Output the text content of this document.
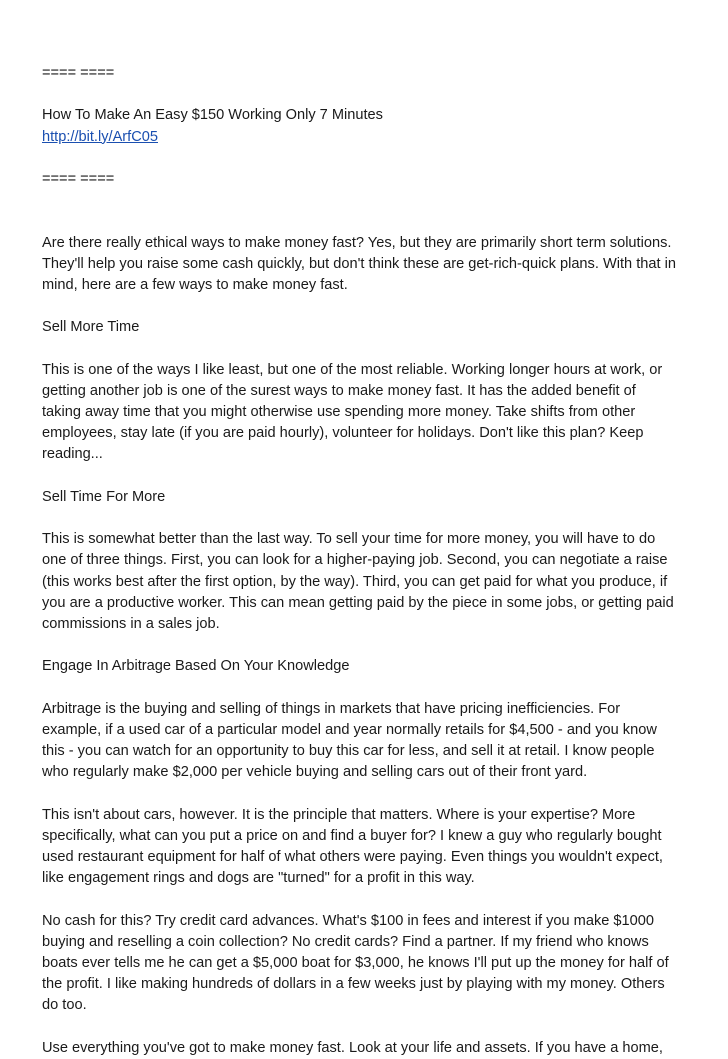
==== ====
How To Make An Easy $150 Working Only 7 Minutes
http://bit.ly/ArfC05
==== ====
Are there really ethical ways to make money fast? Yes, but they are primarily short term solutions.
They'll help you raise some cash quickly, but don't think these are get-rich-quick plans. With that in
mind, here are a few ways to make money fast.
Sell More Time
This is one of the ways I like least, but one of the most reliable. Working longer hours at work, or
getting another job is one of the surest ways to make money fast. It has the added benefit of
taking away time that you might otherwise use spending more money. Take shifts from other
employees, stay late (if you are paid hourly), volunteer for holidays. Don't like this plan? Keep
reading...
Sell Time For More
This is somewhat better than the last way. To sell your time for more money, you will have to do
one of three things. First, you can look for a higher-paying job. Second, you can negotiate a raise
(this works best after the first option, by the way). Third, you can get paid for what you produce, if
you are a productive worker. This can mean getting paid by the piece in some jobs, or getting paid
commissions in a sales job.
Engage In Arbitrage Based On Your Knowledge
Arbitrage is the buying and selling of things in markets that have pricing inefficiencies. For
example, if a used car of a particular model and year normally retails for $4,500 - and you know
this - you can watch for an opportunity to buy this car for less, and sell it at retail. I know people
who regularly make $2,000 per vehicle buying and selling cars out of their front yard.
This isn't about cars, however. It is the principle that matters. Where is your expertise? More
specifically, what can you put a price on and find a buyer for? I knew a guy who regularly bought
used restaurant equipment for half of what others were paying. Even things you wouldn't expect,
like engagement rings and dogs are "turned" for a profit in this way.
No cash for this? Try credit card advances. What's $100 in fees and interest if you make $1000
buying and reselling a coin collection? No credit cards? Find a partner. If my friend who knows
boats ever tells me he can get a $5,000 boat for $3,000, he knows I'll put up the money for half of
the profit. I like making hundreds of dollars in a few weeks just by playing with my money. Others
do too.
Use everything you've got to make money fast. Look at your life and assets. If you have a home,
